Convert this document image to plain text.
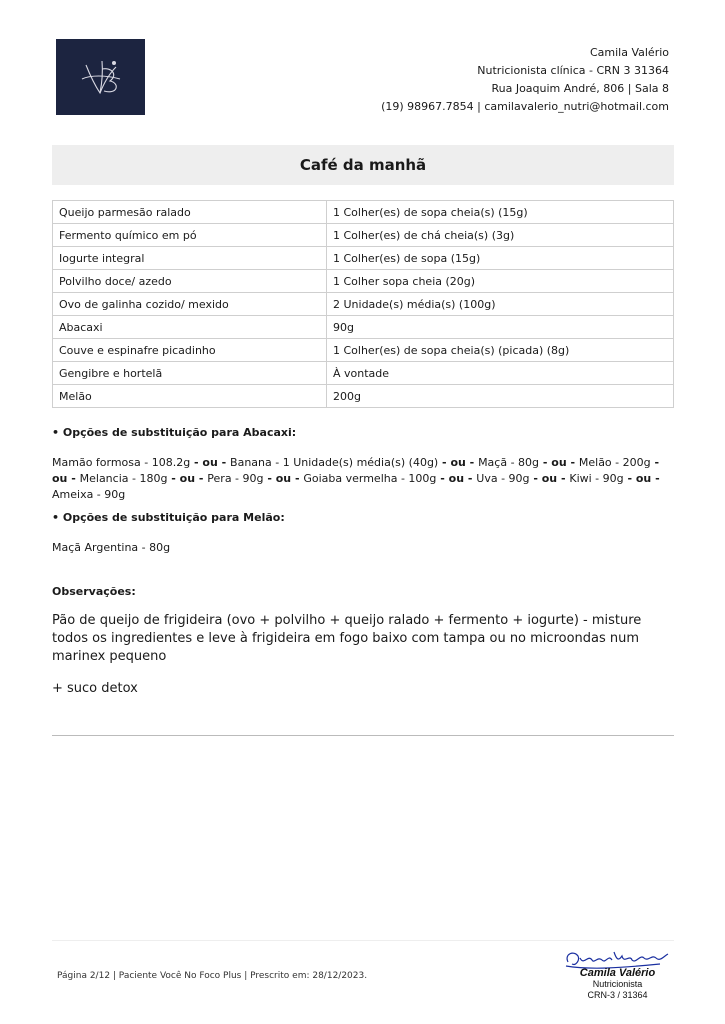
Camila Valério
Nutricionista clínica - CRN 3 31364
Rua Joaquim André, 806 | Sala 8
(19) 98967.7854 | camilavalerio_nutri@hotmail.com
Café da manhã
Queijo parmesão ralado	1 Colher(es) de sopa cheia(s) (15g)
Fermento químico em pó	1 Colher(es) de chá cheia(s) (3g)
Iogurte integral	1 Colher(es) de sopa (15g)
Polvilho doce/ azedo	1 Colher sopa cheia (20g)
Ovo de galinha cozido/ mexido	2 Unidade(s) média(s) (100g)
Abacaxi	90g
Couve e espinafre picadinho	1 Colher(es) de sopa cheia(s) (picada) (8g)
Gengibre e hortelã	À vontade
Melão	200g
• Opções de substituição para Abacaxi:
Mamão formosa - 108.2g - ou - Banana - 1 Unidade(s) média(s) (40g) - ou - Maçã - 80g - ou - Melão - 200g - ou - Melancia - 180g - ou - Pera - 90g - ou - Goiaba vermelha - 100g - ou - Uva - 90g - ou - Kiwi - 90g - ou - Ameixa - 90g
• Opções de substituição para Melão:
Maçã Argentina - 80g
Observações:
Pão de queijo de frigideira (ovo + polvilho + queijo ralado + fermento + iogurte) - misture todos os ingredientes e leve à frigideira em fogo baixo com tampa ou no microondas num marinex pequeno
+ suco detox
Página 2/12 | Paciente Você No Foco Plus | Prescrito em: 28/12/2023.	Camila Valério
Nutricionista
CRN-3 / 31364
